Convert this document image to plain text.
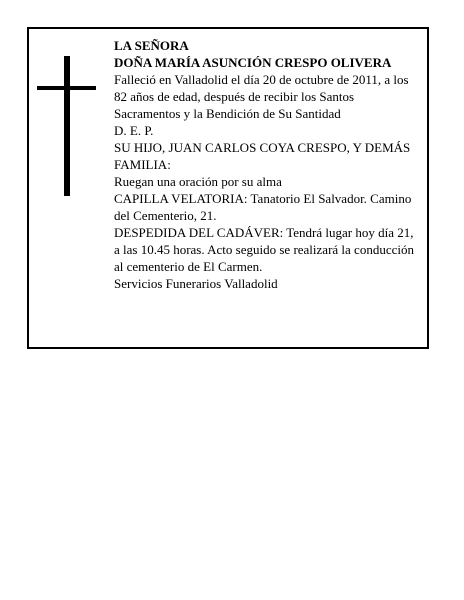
LA SEÑORA
DOÑA MARÍA ASUNCIÓN CRESPO OLIVERA
Falleció en Valladolid el día 20 de octubre de 2011, a los 82 años de edad, después de recibir los Santos Sacramentos y la Bendición de Su Santidad
D. E. P.
SU HIJO, JUAN CARLOS COYA CRESPO, Y DEMÁS FAMILIA:
Ruegan una oración por su alma
CAPILLA VELATORIA: Tanatorio El Salvador. Camino del Cementerio, 21.
DESPEDIDA DEL CADÁVER: Tendrá lugar hoy día 21, a las 10.45 horas. Acto seguido se realizará la conducción al cementerio de El Carmen.
Servicios Funerarios Valladolid
